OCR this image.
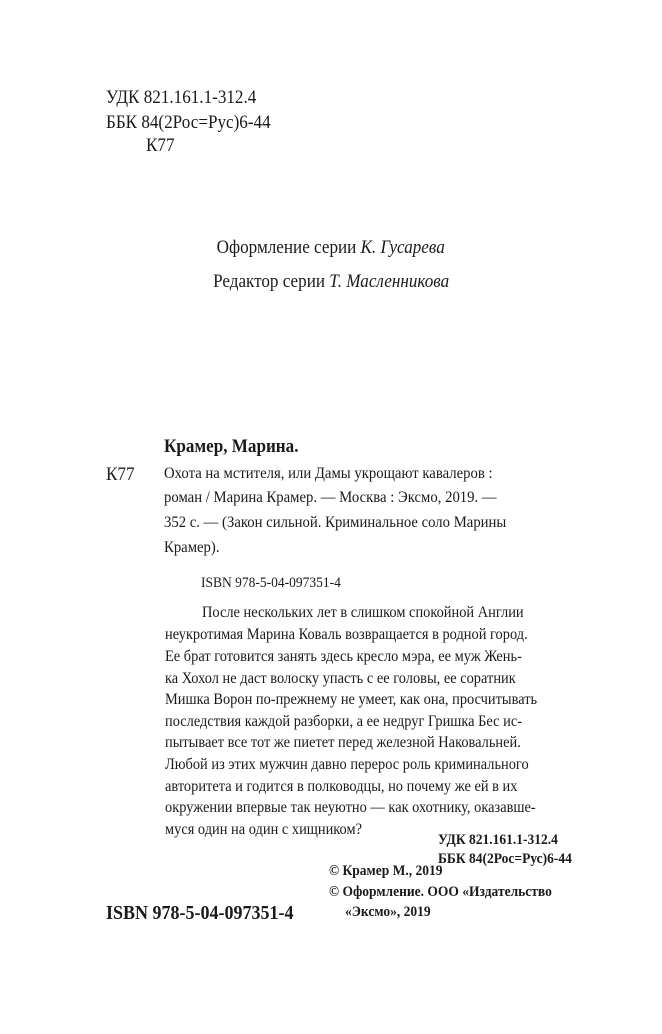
УДК 821.161.1-312.4
ББК 84(2Рос=Рус)6-44
К77
Оформление серии К. Гусарева
Редактор серии Т. Масленникова
Крамер, Марина.
К77 Охота на мстителя, или Дамы укрощают кавалеров :
роман / Марина Крамер. — Москва : Эксмо, 2019. —
352 с. — (Закон сильной. Криминальное соло Марины
Крамер).
ISBN 978-5-04-097351-4
После нескольких лет в слишком спокойной Англии
неукротимая Марина Коваль возвращается в родной город.
Ее брат готовится занять здесь кресло мэра, ее муж Жень-
ка Хохол не даст волоску упасть с ее головы, ее соратник
Мишка Ворон по-прежнему не умеет, как она, просчитывать
последствия каждой разборки, а ее недруг Гришка Бес ис-
пытывает все тот же пиетет перед железной Наковальней.
Любой из этих мужчин давно перерос роль криминального
авторитета и годится в полководцы, но почему же ей в их
окружении впервые так неуютно — как охотнику, оказавше-
муся один на один с хищником?
УДК 821.161.1-312.4
ББК 84(2Рос=Рус)6-44
© Крамер М., 2019
© Оформление. ООО «Издательство
«Эксмо», 2019
ISBN 978-5-04-097351-4
